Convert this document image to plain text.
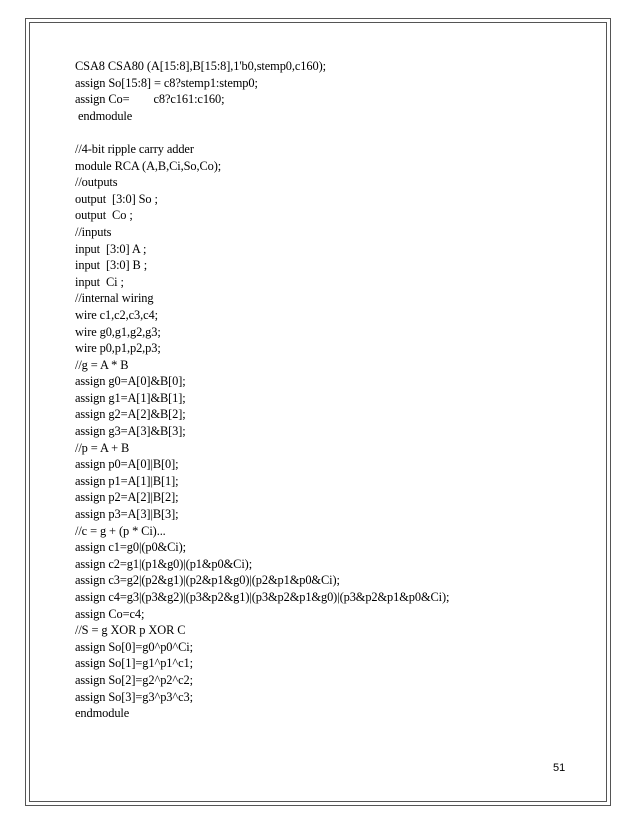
CSA8 CSA80 (A[15:8],B[15:8],1'b0,stemp0,c160);
assign So[15:8] = c8?stemp1:stemp0;
assign Co=        c8?c161:c160;
endmodule
//4-bit ripple carry adder
module RCA (A,B,Ci,So,Co);
//outputs
output  [3:0] So ;
output  Co ;
//inputs
input  [3:0] A ;
input  [3:0] B ;
input  Ci ;
//internal wiring
wire c1,c2,c3,c4;
wire g0,g1,g2,g3;
wire p0,p1,p2,p3;
//g = A * B
assign g0=A[0]&B[0];
assign g1=A[1]&B[1];
assign g2=A[2]&B[2];
assign g3=A[3]&B[3];
//p = A + B
assign p0=A[0]|B[0];
assign p1=A[1]|B[1];
assign p2=A[2]|B[2];
assign p3=A[3]|B[3];
//c = g + (p * Ci)...
assign c1=g0|(p0&Ci);
assign c2=g1|(p1&g0)|(p1&p0&Ci);
assign c3=g2|(p2&g1)|(p2&p1&g0)|(p2&p1&p0&Ci);
assign c4=g3|(p3&g2)|(p3&p2&g1)|(p3&p2&p1&g0)|(p3&p2&p1&p0&Ci);
assign Co=c4;
//S = g XOR p XOR C
assign So[0]=g0^p0^Ci;
assign So[1]=g1^p1^c1;
assign So[2]=g2^p2^c2;
assign So[3]=g3^p3^c3;
endmodule
51
